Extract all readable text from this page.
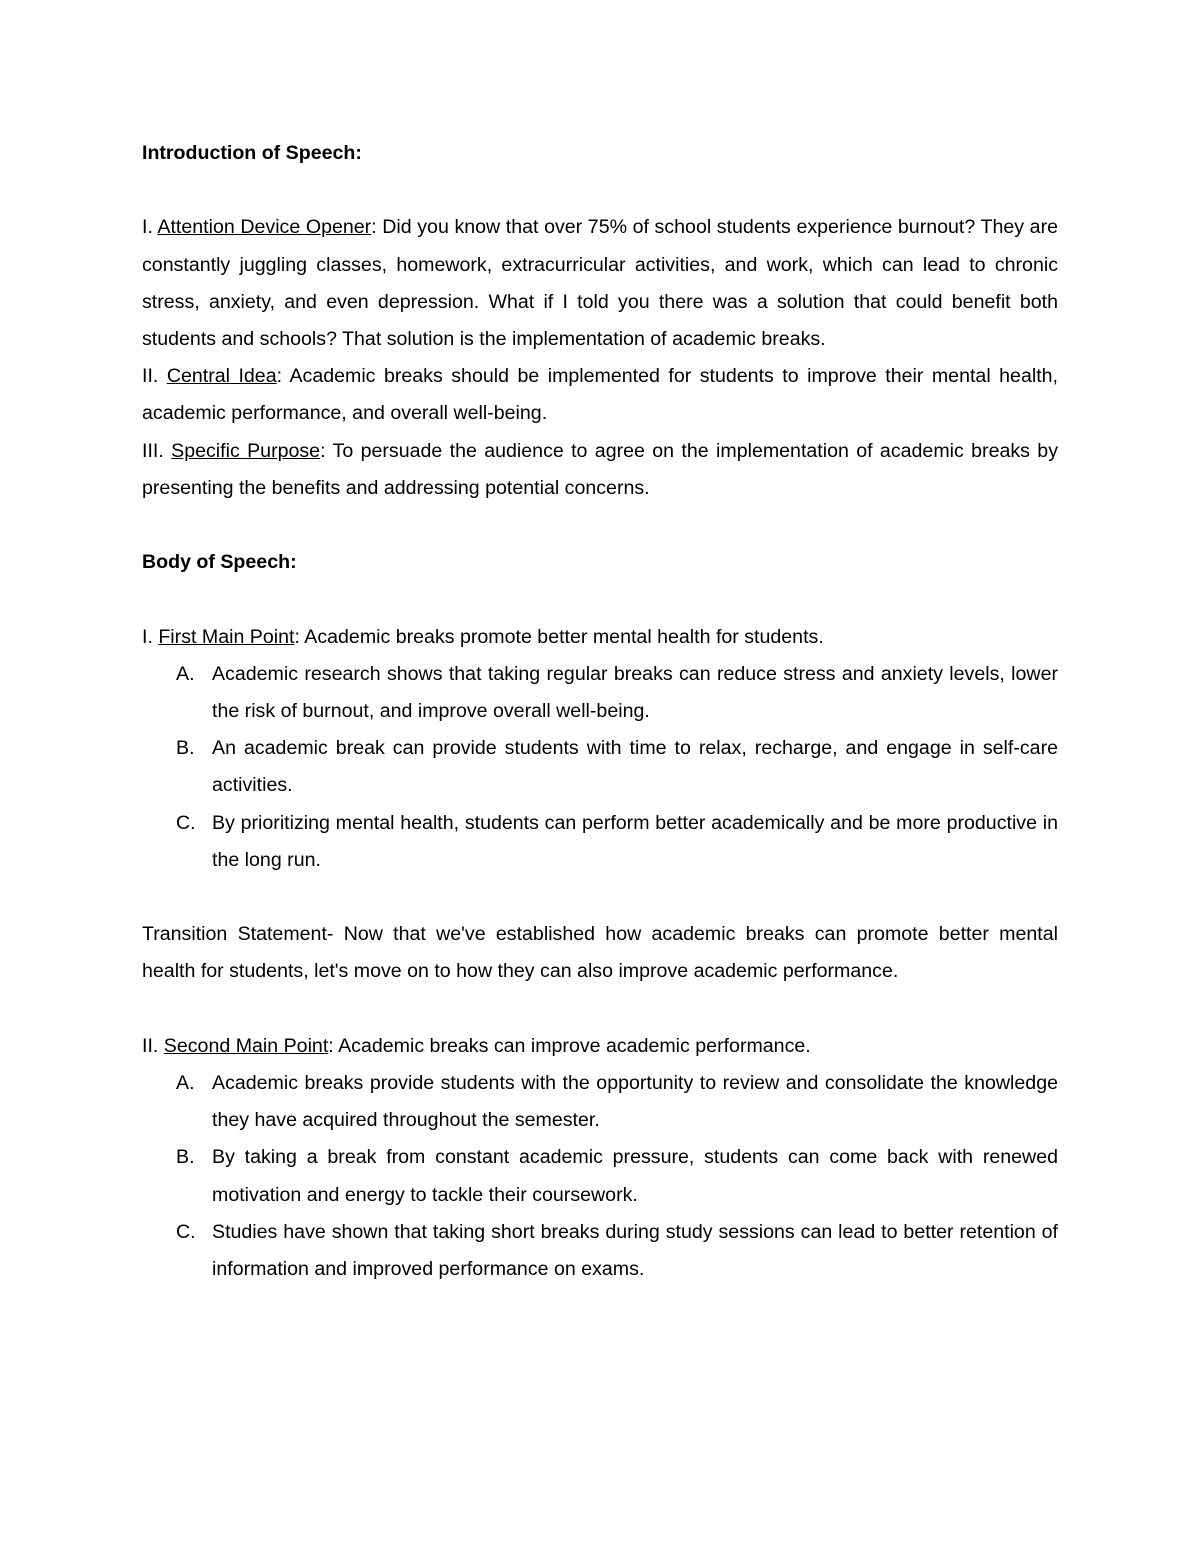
Introduction of Speech:

I. Attention Device Opener: Did you know that over 75% of school students experience burnout? They are constantly juggling classes, homework, extracurricular activities, and work, which can lead to chronic stress, anxiety, and even depression. What if I told you there was a solution that could benefit both students and schools? That solution is the implementation of academic breaks.

II. Central Idea: Academic breaks should be implemented for students to improve their mental health, academic performance, and overall well-being.

III. Specific Purpose: To persuade the audience to agree on the implementation of academic breaks by presenting the benefits and addressing potential concerns.

Body of Speech:

I. First Main Point: Academic breaks promote better mental health for students.

A. Academic research shows that taking regular breaks can reduce stress and anxiety levels, lower the risk of burnout, and improve overall well-being.
B. An academic break can provide students with time to relax, recharge, and engage in self-care activities.
C. By prioritizing mental health, students can perform better academically and be more productive in the long run.

Transition Statement- Now that we've established how academic breaks can promote better mental health for students, let's move on to how they can also improve academic performance.

II. Second Main Point: Academic breaks can improve academic performance.

A. Academic breaks provide students with the opportunity to review and consolidate the knowledge they have acquired throughout the semester.
B. By taking a break from constant academic pressure, students can come back with renewed motivation and energy to tackle their coursework.
C. Studies have shown that taking short breaks during study sessions can lead to better retention of information and improved performance on exams.
